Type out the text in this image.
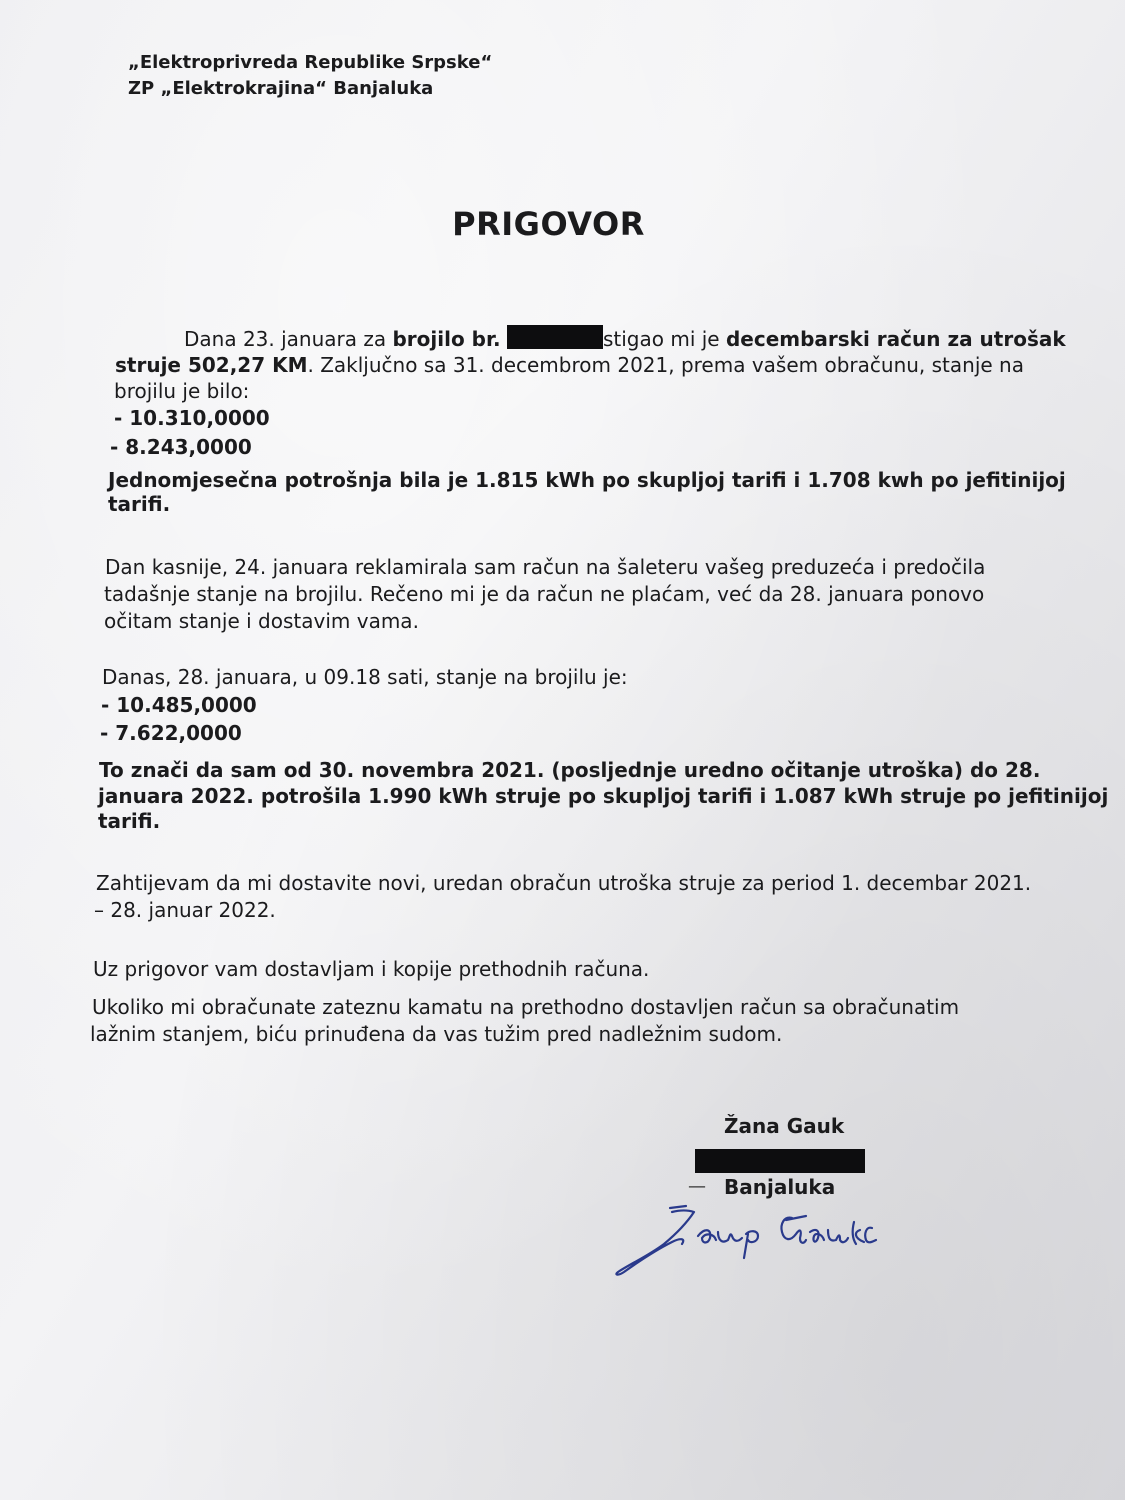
„Elektroprivreda Republike Srpske“
ZP „Elektrokrajina“ Banjaluka
PRIGOVOR
Dana 23. januara za brojilo br.	stigao mi je decembarski račun za utrošak
struje 502,27 KM. Zaključno sa 31. decembrom 2021, prema vašem obračunu, stanje na
brojilu je bilo:
- 10.310,0000
- 8.243,0000
Jednomjesečna potrošnja bila je 1.815 kWh po skupljoj tarifi i 1.708 kwh po jefitinijoj
tarifi.
Dan kasnije, 24. januara reklamirala sam račun na šaleteru vašeg preduzeća i predočila
tadašnje stanje na brojilu. Rečeno mi je da račun ne plaćam, već da 28. januara ponovo
očitam stanje i dostavim vama.
Danas, 28. januara, u 09.18 sati, stanje na brojilu je:
- 10.485,0000
- 7.622,0000
To znači da sam od 30. novembra 2021. (posljednje uredno očitanje utroška) do 28.
januara 2022. potrošila 1.990 kWh struje po skupljoj tarifi i 1.087 kWh struje po jefitinijoj
tarifi.
Zahtijevam da mi dostavite novi, uredan obračun utroška struje za period 1. decembar 2021.
– 28. januar 2022.
Uz prigovor vam dostavljam i kopije prethodnih računa.
Ukoliko mi obračunate zateznu kamatu na prethodno dostavljen račun sa obračunatim
lažnim stanjem, biću prinuđena da vas tužim pred nadležnim sudom.
Žana Gauk
— Banjaluka
